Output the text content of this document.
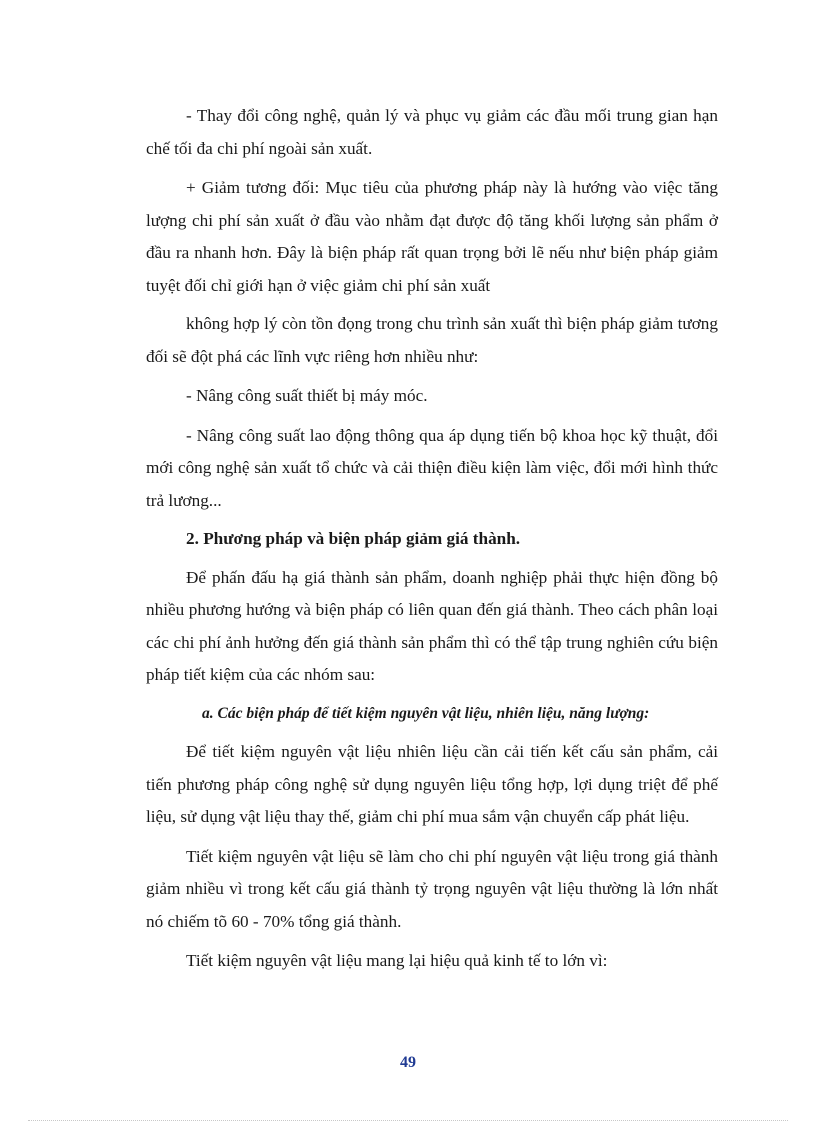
- Thay đổi công nghệ, quản lý và phục vụ giảm các đầu mối trung gian hạn chế tối đa chi phí ngoài sản xuất.

+ Giảm tương đối: Mục tiêu của phương pháp này là hướng vào việc tăng lượng chi phí sản xuất ở đầu vào nhằm đạt được độ tăng khối lượng sản phẩm ở đầu ra nhanh hơn. Đây là biện pháp rất quan trọng bởi lẽ nếu như biện pháp giảm tuyệt đối chỉ giới hạn ở việc giảm chi phí sản xuất

không hợp lý còn tồn đọng trong chu trình sản xuất thì biện pháp giảm tương đối sẽ đột phá các lĩnh vực riêng hơn nhiều như:

- Nâng công suất thiết bị máy móc.

- Nâng công suất lao động thông qua áp dụng tiến bộ khoa học kỹ thuật, đổi mới công nghệ sản xuất tổ chức và cải thiện điều kiện làm việc, đổi mới hình thức trả lương...

2. Phương pháp và biện pháp giảm giá thành.

Để phấn đấu hạ giá thành sản phẩm, doanh nghiệp phải thực hiện đồng bộ nhiều phương hướng và biện pháp có liên quan đến giá thành. Theo cách phân loại các chi phí ảnh hưởng đến giá thành sản phẩm thì có thể tập trung nghiên cứu biện pháp tiết kiệm của các nhóm sau:

a. Các biện pháp để tiết kiệm nguyên vật liệu, nhiên liệu, năng lượng:

Để tiết kiệm nguyên vật liệu nhiên liệu cần cải tiến kết cấu sản phẩm, cải tiến phương pháp công nghệ sử dụng nguyên liệu tổng hợp, lợi dụng triệt để phế liệu, sử dụng vật liệu thay thế, giảm chi phí mua sắm vận chuyển cấp phát liệu.

Tiết kiệm nguyên vật liệu sẽ làm cho chi phí nguyên vật liệu trong giá thành giảm nhiều vì trong kết cấu giá thành tỷ trọng nguyên vật liệu thường là lớn nhất nó chiếm tõ 60 - 70% tổng giá thành.

Tiết kiệm nguyên vật liệu mang lại hiệu quả kinh tế to lớn vì:

49
